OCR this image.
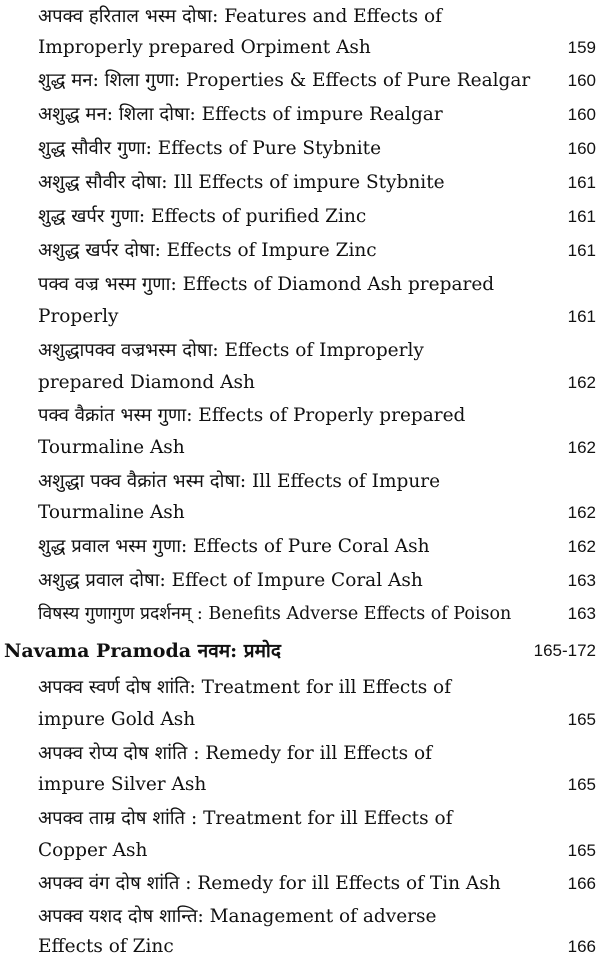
अपक्व हरिताल भस्म दोषा: Features and Effects of
Improperly prepared Orpiment Ash	159
शुद्ध मन: शिला गुणा: Properties & Effects of Pure Realgar	160
अशुद्ध मन: शिला दोषा: Effects of impure Realgar	160
शुद्ध सौवीर गुणा: Effects of Pure Stybnite	160
अशुद्ध सौवीर दोषा: Ill Effects of impure Stybnite	161
शुद्ध खर्पर गुणा: Effects of purified Zinc	161
अशुद्ध खर्पर दोषा: Effects of Impure Zinc	161
पक्व वज्र भस्म गुणा: Effects of Diamond Ash prepared
Properly	161
अशुद्धापक्व वज्रभस्म दोषा: Effects of Improperly
prepared Diamond Ash	162
पक्व वैक्रांत भस्म गुणा: Effects of Properly prepared
Tourmaline Ash	162
अशुद्धा पक्व वैक्रांत भस्म दोषा: Ill Effects of Impure
Tourmaline Ash	162
शुद्ध प्रवाल भस्म गुणा: Effects of Pure Coral Ash	162
अशुद्ध प्रवाल दोषा: Effect of Impure Coral Ash	163
विषस्य गुणागुण प्रदर्शनम् : Benefits Adverse Effects of Poison	163
Navama Pramoda नवम: प्रमोद	165-172
अपक्व स्वर्ण दोष शांति: Treatment for ill Effects of
impure Gold Ash	165
अपक्व रोप्य दोष शांति : Remedy for ill Effects of
impure Silver Ash	165
अपक्व ताम्र दोष शांति : Treatment for ill Effects of
Copper Ash	165
अपक्व वंग दोष शांति : Remedy for ill Effects of Tin Ash	166
अपक्व यशद दोष शान्ति: Management of adverse
Effects of Zinc	166
